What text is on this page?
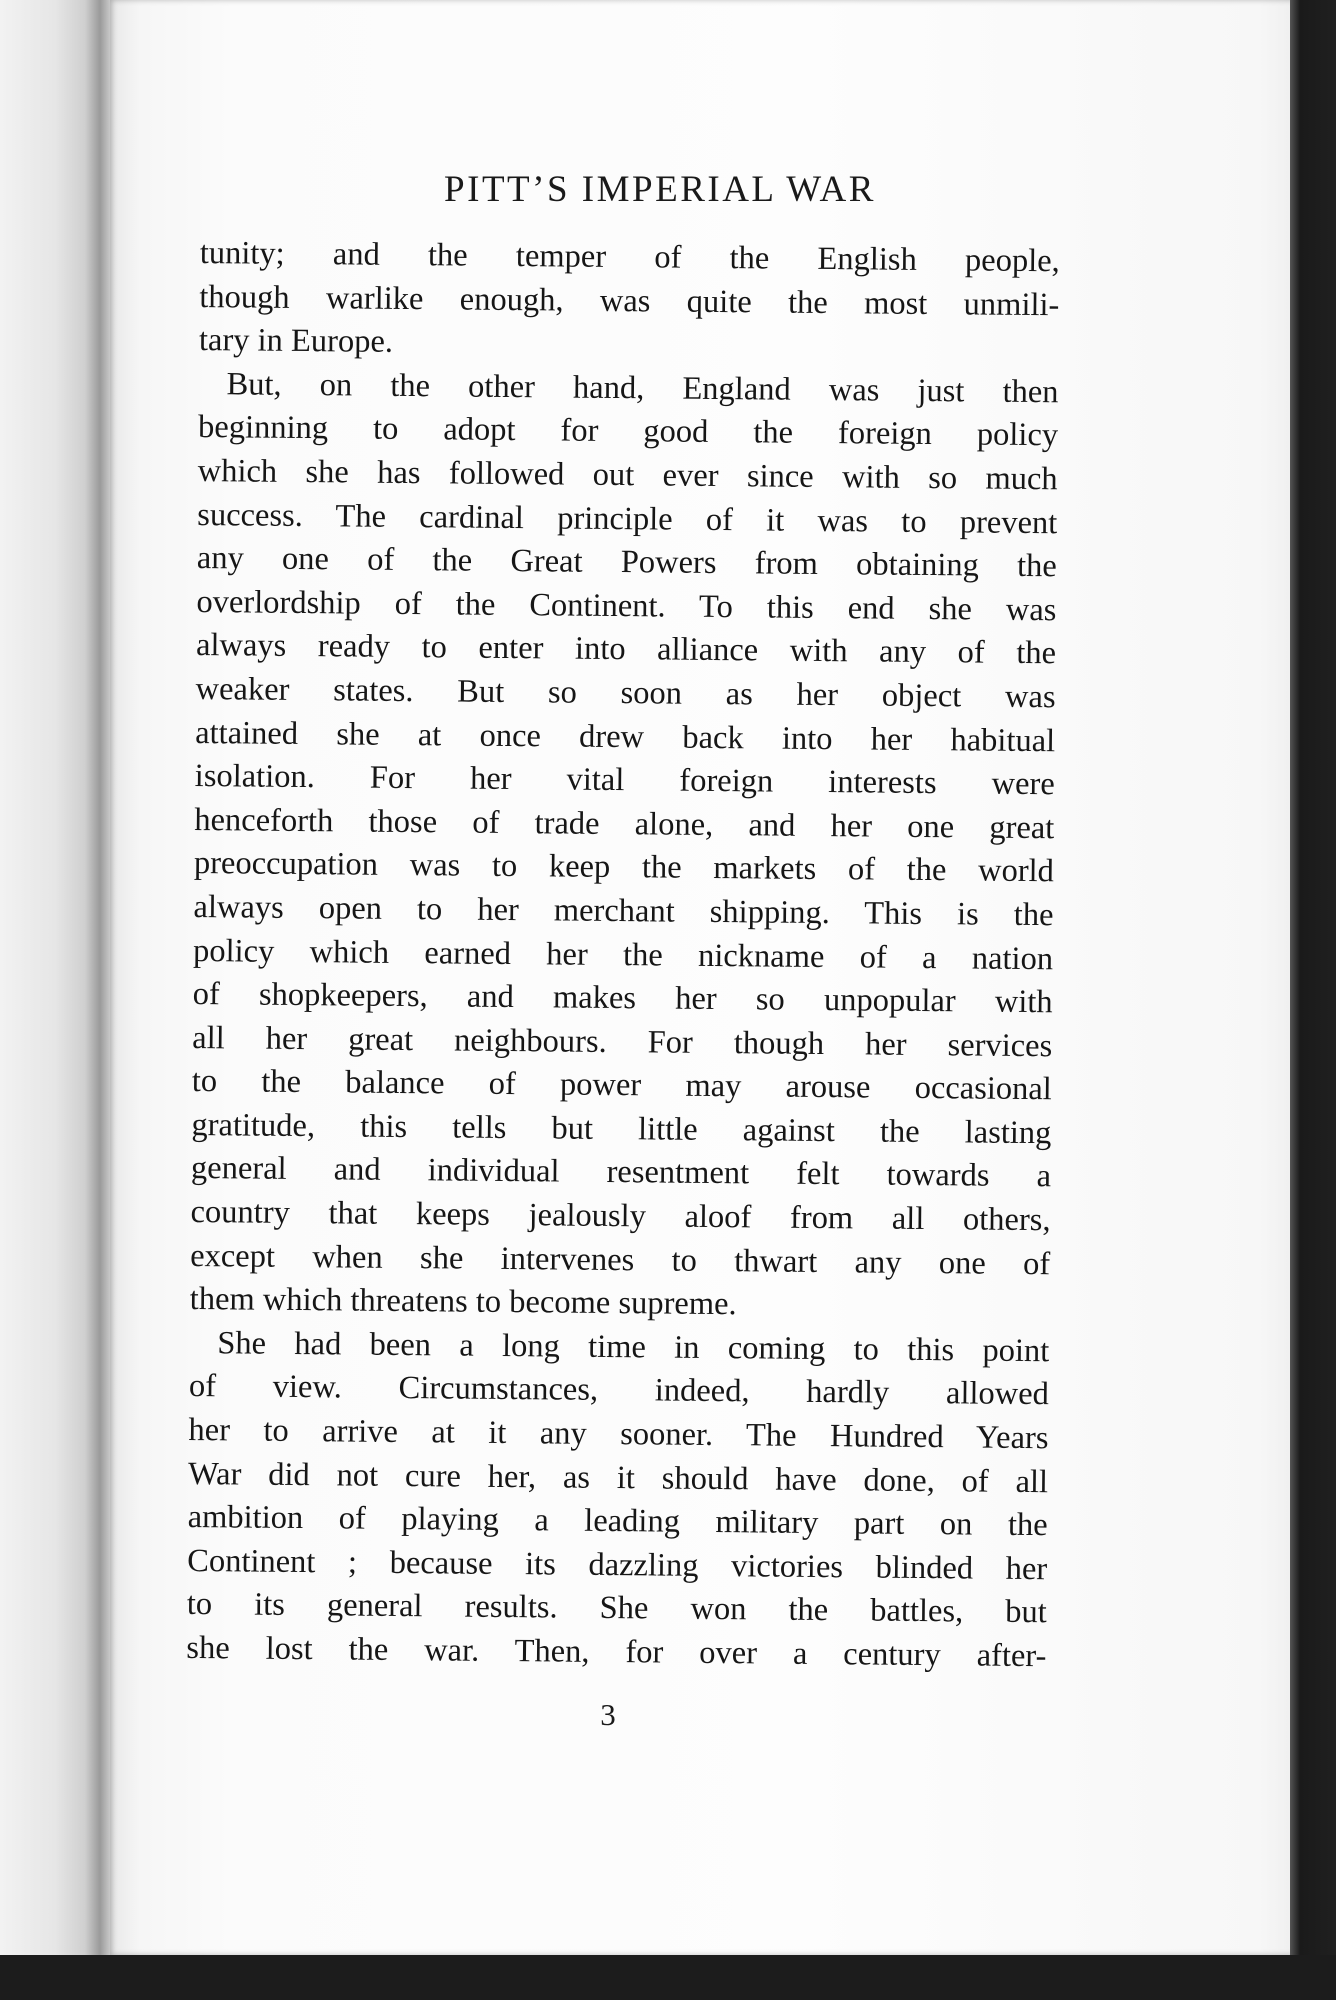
PITT’S IMPERIAL WAR
tunity; and the temper of the English people,
though warlike enough, was quite the most unmili-
tary in Europe.
But, on the other hand, England was just then
beginning to adopt for good the foreign policy
which she has followed out ever since with so much
success. The cardinal principle of it was to prevent
any one of the Great Powers from obtaining the
overlordship of the Continent. To this end she was
always ready to enter into alliance with any of the
weaker states. But so soon as her object was
attained she at once drew back into her habitual
isolation. For her vital foreign interests were
henceforth those of trade alone, and her one great
preoccupation was to keep the markets of the world
always open to her merchant shipping. This is the
policy which earned her the nickname of a nation
of shopkeepers, and makes her so unpopular with
all her great neighbours. For though her services
to the balance of power may arouse occasional
gratitude, this tells but little against the lasting
general and individual resentment felt towards a
country that keeps jealously aloof from all others,
except when she intervenes to thwart any one of
them which threatens to become supreme.
She had been a long time in coming to this point
of view. Circumstances, indeed, hardly allowed
her to arrive at it any sooner. The Hundred Years
War did not cure her, as it should have done, of all
ambition of playing a leading military part on the
Continent ; because its dazzling victories blinded her
to its general results. She won the battles, but
she lost the war. Then, for over a century after-
3
